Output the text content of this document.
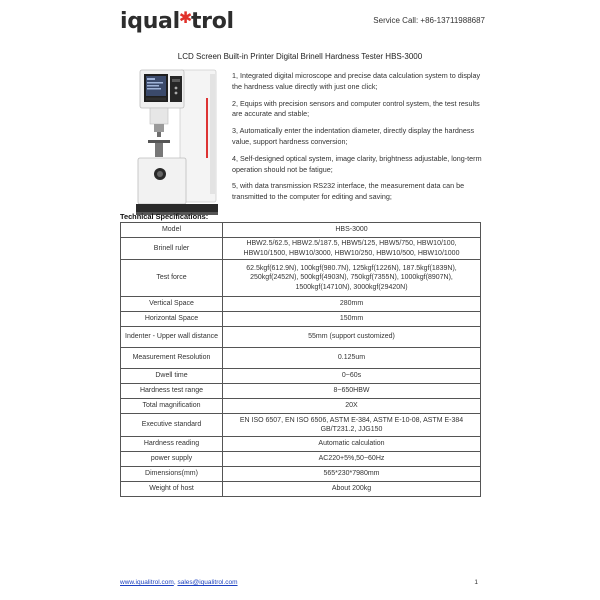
iqual✱trol	Service Call: +86-13711988687
LCD Screen Built-in Printer Digital Brinell Hardness Tester HBS-3000

1, Integrated digital microscope and precise data calculation system to display the hardness value directly with just one click;

2, Equips with precision sensors and computer control system, the test results are accurate and stable;

3, Automatically enter the indentation diameter, directly display the hardness value, support hardness conversion;

4, Self-designed optical system, image clarity, brightness adjustable, long-term operation should not be fatigue;

5, with data transmission RS232 interface, the measurement data can be transmitted to the computer for editing and saving;

Technical Specifications:
Model	HBS-3000
Brinell ruler	HBW2.5/62.5, HBW2.5/187.5, HBW5/125, HBW5/750, HBW10/100, HBW10/1500, HBW10/3000, HBW10/250, HBW10/500, HBW10/1000
Test force	62.5kgf(612.9N), 100kgf(980.7N), 125kgf(1226N), 187.5kgf(1839N), 250kgf(2452N), 500kgf(4903N), 750kgf(7355N), 1000kgf(8907N), 1500kgf(14710N), 3000kgf(29420N)
Vertical Space	280mm
Horizontal Space	150mm
Indenter - Upper wall distance	55mm (support customized)
Measurement Resolution	0.125um
Dwell time	0~60s
Hardness test range	8~650HBW
Total magnification	20X
Executive standard	EN ISO 6507, EN ISO 6506, ASTM E-384, ASTM E-10-08, ASTM E-384 GB/T231.2, JJG150
Hardness reading	Automatic calculation
power supply	AC220+5%,50~60Hz
Dimensions(mm)	565*230*7980mm
Weight of host	About 200kg
www.iqualitrol.com, sales@iqualitrol.com	1
